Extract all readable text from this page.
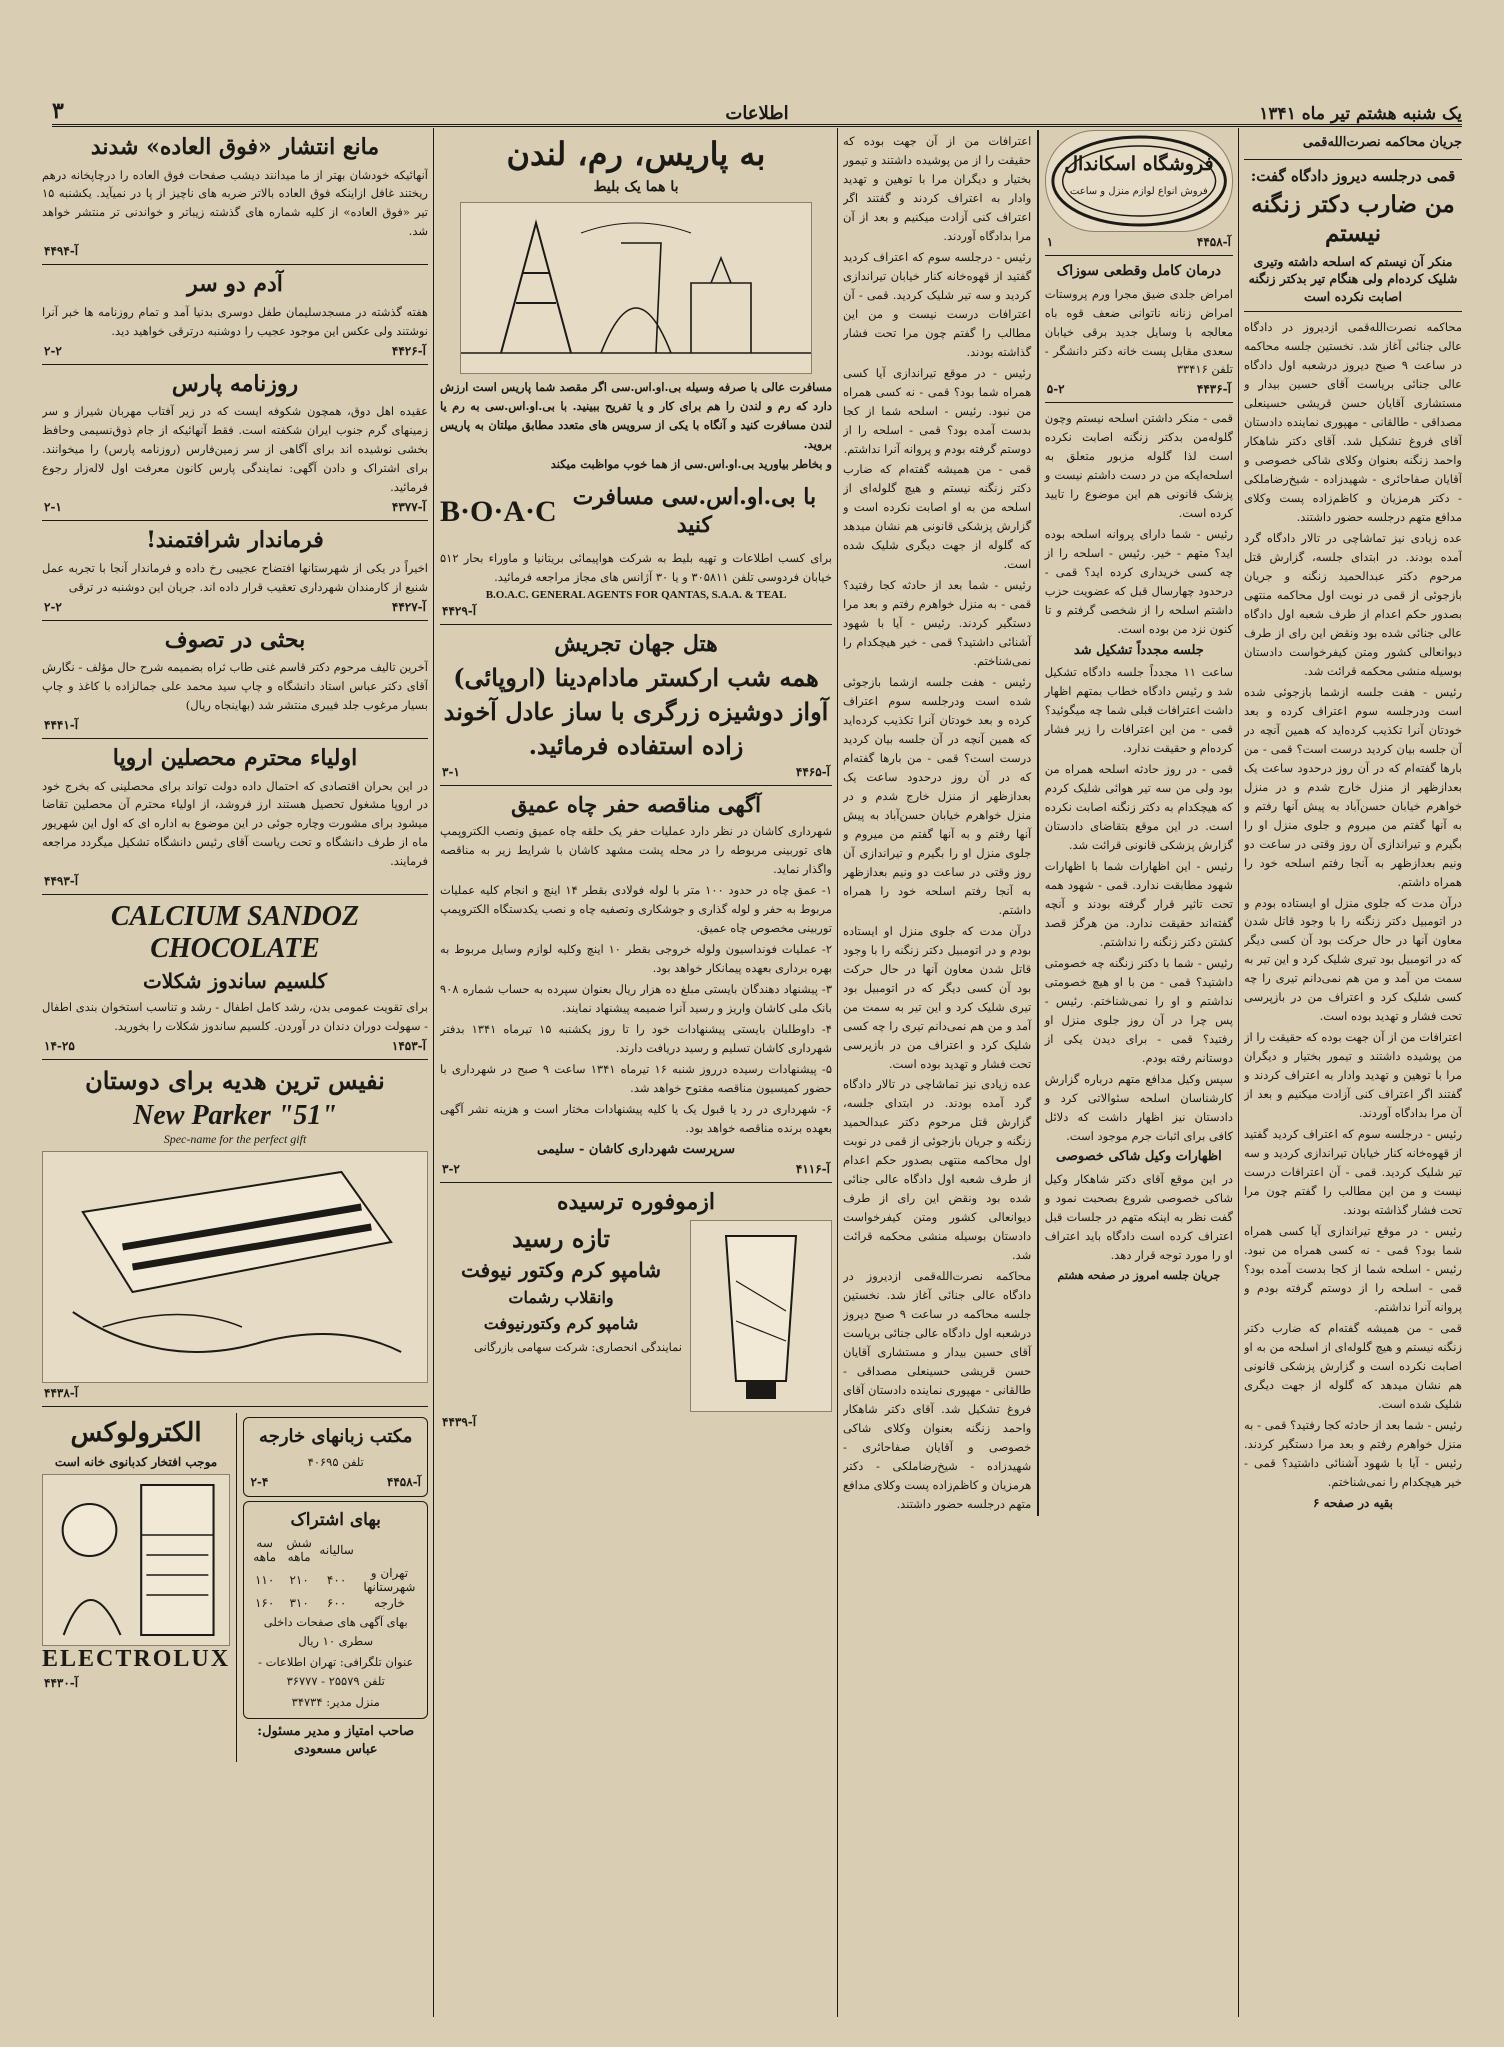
اطلاعات	یک شنبه هشتم تیر ماه ۱۳۴۱
۳
جریان محاکمه نصرت‌الله‌قمی
قمی درجلسه دیروز دادگاه گفت:
من ضارب دکتر زنگنه نیستم
منکر آن نیستم که اسلحه داشته وتیری شلیک کرده‌ام ولی هنگام تیر بدکتر زنگنه اصابت نکرده است

محاکمه نصرت‌الله‌قمی ازدیروز در دادگاه عالی جنائی آغاز شد. نخستین جلسه محاکمه در ساعت ۹ صبح دیروز درشعبه اول دادگاه عالی جنائی بریاست آقای حسین بیدار و مستشاری آقایان حسن قریشی حسینعلی مصداقی - طالقانی - مهپوری نماینده دادستان آقای فروغ تشکیل شد. آقای دکتر شاهکار واحمد زنگنه بعنوان وکلای شاکی خصوصی و آقایان صفاحائری - شهیدزاده - شیخ‌رضاملکی - دکتر هرمزیان و کاظم‌زاده پست وکلای مدافع متهم درجلسه حضور داشتند.

عده زیادی نیز تماشاچی در تالار دادگاه گرد آمده بودند. در ابتدای جلسه، گزارش قتل مرحوم دکتر عبدالحمید زنگنه و جریان بازجوئی از قمی در نوبت اول محاکمه منتهی بصدور حکم اعدام از طرف شعبه اول دادگاه عالی جنائی شده بود ونقض این رای از طرف دیوانعالی کشور ومتن کیفرخواست دادستان بوسیله منشی محکمه قرائت شد.

رئیس - هفت جلسه ازشما بازجوئی شده است ودرجلسه سوم اعتراف کرده و بعد خودتان آنرا تکذیب کرده‌اید که همین آنچه در آن جلسه بیان کردید درست است؟ قمی - من بارها گفته‌ام که در آن روز درحدود ساعت یک بعدازظهر از منزل خارج شدم و در منزل خواهرم خیابان حسن‌آباد به پیش آنها رفتم و به آنها گفتم من میروم و جلوی منزل او را بگیرم و تیراندازی آن روز وقتی در ساعت دو ونیم بعدازظهر به آنجا رفتم اسلحه خود را همراه داشتم.

درآن مدت که جلوی منزل او ایستاده بودم و در اتومبیل دکتر زنگنه را با وجود قاتل شدن معاون آنها در حال حرکت بود آن کسی دیگر که در اتومبیل بود تیری شلیک کرد و این تیر به سمت من آمد و من هم نمی‌دانم تیری را چه کسی شلیک کرد و اعتراف من در بازپرسی تحت فشار و تهدید بوده است.

اعترافات من از آن جهت بوده که حقیقت را از من پوشیده داشتند و تیمور بختیار و دیگران مرا با توهین و تهدید وادار به اعتراف کردند و گفتند اگر اعتراف کنی آزادت میکنیم و بعد از آن مرا بدادگاه آوردند.

رئیس - درجلسه سوم که اعتراف کردید گفتید از قهوه‌خانه کنار خیابان تیراندازی کردید و سه تیر شلیک کردید. قمی - آن اعترافات درست نیست و من این مطالب را گفتم چون مرا تحت فشار گذاشته بودند.

رئیس - در موقع تیراندازی آیا کسی همراه شما بود؟ قمی - نه کسی همراه من نبود. رئیس - اسلحه شما از کجا بدست آمده بود؟ قمی - اسلحه را از دوستم گرفته بودم و پروانه آنرا نداشتم.

قمی - من همیشه گفته‌ام که ضارب دکتر زنگنه نیستم و هیچ گلوله‌ای از اسلحه من به او اصابت نکرده است و گزارش پزشکی قانونی هم نشان میدهد که گلوله از جهت دیگری شلیک شده است.

رئیس - شما بعد از حادثه کجا رفتید؟ قمی - به منزل خواهرم رفتم و بعد مرا دستگیر کردند. رئیس - آیا با شهود آشنائی داشتید؟ قمی - خیر هیچکدام را نمی‌شناختم.

بقیه در صفحه ۶
فروشگاه اسکاندال
فروش انواع لوازم منزل و ساعت
۱	آ-۴۴۵۸
درمان کامل وقطعی سوزاک

امراض جلدی ضیق مجرا ورم پروستات امراض زنانه ناتوانی ضعف قوه باه معالجه با وسایل جدید برقی خیابان سعدی مقابل پست خانه دکتر دانشگر - تلفن ۳۳۴۱۶

۵-۲	آ-۴۴۳۶

قمی - منکر داشتن اسلحه نیستم وچون گلوله‌من بدکتر زنگنه اصابت نکرده است لذا گلوله مزبور متعلق به اسلحه‌ایکه من در دست داشتم نیست و پزشک قانونی هم این موضوع را تایید کرده است.

رئیس - شما دارای پروانه اسلحه بوده اید؟ متهم - خیر. رئیس - اسلحه را از چه کسی خریداری کرده اید؟ قمی - درحدود چهارسال قبل که عضویت حزب داشتم اسلحه را از شخصی گرفتم و تا کنون نزد من بوده است.

جلسه مجدداً تشکیل شد

ساعت ۱۱ مجدداً جلسه دادگاه تشکیل شد و رئیس دادگاه خطاب بمتهم اظهار داشت اعترافات قبلی شما چه میگوئید؟ قمی - من این اعترافات را زیر فشار کرده‌ام و حقیقت ندارد.

قمی - در روز حادثه اسلحه همراه من بود ولی من سه تیر هوائی شلیک کردم که هیچکدام به دکتر زنگنه اصابت نکرده است. در این موقع بتقاضای دادستان گزارش پزشکی قانونی قرائت شد.

رئیس - این اظهارات شما با اظهارات شهود مطابقت ندارد. قمی - شهود همه تحت تاثیر قرار گرفته بودند و آنچه گفته‌اند حقیقت ندارد. من هرگز قصد کشتن دکتر زنگنه را نداشتم.

رئیس - شما با دکتر زنگنه چه خصومتی داشتید؟ قمی - من با او هیچ خصومتی نداشتم و او را نمی‌شناختم. رئیس - پس چرا در آن روز جلوی منزل او رفتید؟ قمی - برای دیدن یکی از دوستانم رفته بودم.

سپس وکیل مدافع متهم درباره گزارش کارشناسان اسلحه سئوالاتی کرد و دادستان نیز اظهار داشت که دلائل کافی برای اثبات جرم موجود است.

اظهارات وکیل شاکی خصوصی

در این موقع آقای دکتر شاهکار وکیل شاکی خصوصی شروع بصحبت نمود و گفت نظر به اینکه متهم در جلسات قبل اعتراف کرده است دادگاه باید اعتراف او را مورد توجه قرار دهد.

جریان جلسه امروز در صفحه هشتم

اعترافات من از آن جهت بوده که حقیقت را از من پوشیده داشتند و تیمور بختیار و دیگران مرا با توهین و تهدید وادار به اعتراف کردند و گفتند اگر اعتراف کنی آزادت میکنیم و بعد از آن مرا بدادگاه آوردند.

رئیس - درجلسه سوم که اعتراف کردید گفتید از قهوه‌خانه کنار خیابان تیراندازی کردید و سه تیر شلیک کردید. قمی - آن اعترافات درست نیست و من این مطالب را گفتم چون مرا تحت فشار گذاشته بودند.

رئیس - در موقع تیراندازی آیا کسی همراه شما بود؟ قمی - نه کسی همراه من نبود. رئیس - اسلحه شما از کجا بدست آمده بود؟ قمی - اسلحه را از دوستم گرفته بودم و پروانه آنرا نداشتم.

قمی - من همیشه گفته‌ام که ضارب دکتر زنگنه نیستم و هیچ گلوله‌ای از اسلحه من به او اصابت نکرده است و گزارش پزشکی قانونی هم نشان میدهد که گلوله از جهت دیگری شلیک شده است.

رئیس - شما بعد از حادثه کجا رفتید؟ قمی - به منزل خواهرم رفتم و بعد مرا دستگیر کردند. رئیس - آیا با شهود آشنائی داشتید؟ قمی - خیر هیچکدام را نمی‌شناختم.

رئیس - هفت جلسه ازشما بازجوئی شده است ودرجلسه سوم اعتراف کرده و بعد خودتان آنرا تکذیب کرده‌اید که همین آنچه در آن جلسه بیان کردید درست است؟ قمی - من بارها گفته‌ام که در آن روز درحدود ساعت یک بعدازظهر از منزل خارج شدم و در منزل خواهرم خیابان حسن‌آباد به پیش آنها رفتم و به آنها گفتم من میروم و جلوی منزل او را بگیرم و تیراندازی آن روز وقتی در ساعت دو ونیم بعدازظهر به آنجا رفتم اسلحه خود را همراه داشتم.

درآن مدت که جلوی منزل او ایستاده بودم و در اتومبیل دکتر زنگنه را با وجود قاتل شدن معاون آنها در حال حرکت بود آن کسی دیگر که در اتومبیل بود تیری شلیک کرد و این تیر به سمت من آمد و من هم نمی‌دانم تیری را چه کسی شلیک کرد و اعتراف من در بازپرسی تحت فشار و تهدید بوده است.

عده زیادی نیز تماشاچی در تالار دادگاه گرد آمده بودند. در ابتدای جلسه، گزارش قتل مرحوم دکتر عبدالحمید زنگنه و جریان بازجوئی از قمی در نوبت اول محاکمه منتهی بصدور حکم اعدام از طرف شعبه اول دادگاه عالی جنائی شده بود ونقض این رای از طرف دیوانعالی کشور ومتن کیفرخواست دادستان بوسیله منشی محکمه قرائت شد.

محاکمه نصرت‌الله‌قمی ازدیروز در دادگاه عالی جنائی آغاز شد. نخستین جلسه محاکمه در ساعت ۹ صبح دیروز درشعبه اول دادگاه عالی جنائی بریاست آقای حسین بیدار و مستشاری آقایان حسن قریشی حسینعلی مصداقی - طالقانی - مهپوری نماینده دادستان آقای فروغ تشکیل شد. آقای دکتر شاهکار واحمد زنگنه بعنوان وکلای شاکی خصوصی و آقایان صفاحائری - شهیدزاده - شیخ‌رضاملکی - دکتر هرمزیان و کاظم‌زاده پست وکلای مدافع متهم درجلسه حضور داشتند.

به پاریس، رم، لندن
با هما یک بلیط

مسافرت عالی با صرفه وسیله بی.او.اس.سی اگر مقصد شما پاریس است ارزش دارد که رم و لندن را هم برای کار و یا تفریح ببینید. با بی.او.اس.سی به رم یا لندن مسافرت کنید و آنگاه با یکی از سرویس های متعدد مطابق میلتان به پاریس بروید.

و بخاطر بیاورید بی.او.اس.سی از هما خوب مواظبت میکند

با بی.او.اس.سی مسافرت کنید
B·O·A·C

برای کسب اطلاعات و تهیه بلیط به شرکت هواپیمائی بریتانیا و ماوراء بحار ۵۱۲ خیابان فردوسی تلفن ۳۰۵۸۱۱ و یا ۳۰ آژانس های مجاز مراجعه فرمائید.

B.O.A.C. GENERAL AGENTS FOR QANTAS, S.A.A. & TEAL
آ-۴۴۲۹
هتل جهان تجریش
همه شب ارکستر مادام‌دینا (اروپائی)
آواز دوشیزه زرگری با ساز عادل آخوند
زاده استفاده فرمائید.
۳-۱	آ-۴۴۶۵
آگهی مناقصه حفر چاه عمیق

شهرداری کاشان در نظر دارد عملیات حفر یک حلقه چاه عمیق ونصب الکتروپمپ های توربینی مربوطه را در محله پشت مشهد کاشان با شرایط زیر به مناقصه واگذار نماید.

۱- عمق چاه در حدود ۱۰۰ متر با لوله فولادی بقطر ۱۴ اینچ و انجام کلیه عملیات مربوط به حفر و لوله گذاری و جوشکاری وتصفیه چاه و نصب یکدستگاه الکتروپمپ توربینی مخصوص چاه عمیق.

۲- عملیات فونداسیون ولوله خروجی بقطر ۱۰ اینچ وکلیه لوازم وسایل مربوط به بهره برداری بعهده پیمانکار خواهد بود.

۳- پیشنهاد دهندگان بایستی مبلغ ده هزار ریال بعنوان سپرده به حساب شماره ۹۰۸ بانک ملی کاشان واریز و رسید آنرا ضمیمه پیشنهاد نمایند.

۴- داوطلبان بایستی پیشنهادات خود را تا روز یکشنبه ۱۵ تیرماه ۱۳۴۱ بدفتر شهرداری کاشان تسلیم و رسید دریافت دارند.

۵- پیشنهادات رسیده درروز شنبه ۱۶ تیرماه ۱۳۴۱ ساعت ۹ صبح در شهرداری با حضور کمیسیون مناقصه مفتوح خواهد شد.

۶- شهرداری در رد یا قبول یک یا کلیه پیشنهادات مختار است و هزینه نشر آگهی بعهده برنده مناقصه خواهد بود.

سرپرست شهرداری کاشان - سلیمی
۳-۲	آ-۴۱۱۶
ازموفوره ترسیده
تازه رسید
شامپو کرم وکتور نیوفت
وانقلاب رشمات
شامپو کرم وکتورنیوفت
نمایندگی انحصاری: شرکت سهامی بازرگانی
آ-۴۴۳۹
مانع انتشار «فوق العاده» شدند

آنهائیکه خودشان بهتر از ما میدانند دیشب صفحات فوق العاده را درچاپخانه درهم ریختند غافل ازاینکه فوق العاده بالاتر ضربه های ناچیز از پا در نمیآید. یکشنبه ۱۵ تیر «فوق العاده» از کلیه شماره های گذشته زیباتر و خواندنی تر منتشر خواهد شد.

آ-۴۴۹۴
آدم دو سر

هفته گذشته در مسجدسلیمان طفل دوسری بدنیا آمد و تمام روزنامه ها خبر آنرا نوشتند ولی عکس این موجود عجیب را دوشنبه درترقی خواهید دید.

۲-۲	آ-۴۴۲۶
روزنامه پارس

عقیده اهل دوق، همچون شکوفه ایست که در زیر آفتاب مهربان شیراز و سر زمینهای گرم جنوب ایران شکفته است. فقط آنهائیکه از جام ذوق‌نسیمی وحافظ بخشی نوشیده اند برای آگاهی از سر زمین‌فارس (روزنامه پارس) را میخوانند. برای اشتراک و دادن آگهی: نمایندگی پارس کانون معرفت اول لاله‌زار رجوع فرمائید.

۲-۱	آ-۴۳۷۷
فرماندار شرافتمند!

اخیراً در یکی از شهرستانها افتضاح عجیبی رخ داده و فرماندار آنجا با تجربه عمل شنیع از کارمندان شهرداری تعقیب قرار داده اند. جریان این دوشنبه در ترقی

۲-۲	آ-۴۴۲۷
بحثی در تصوف

آخرین تالیف مرحوم دکتر قاسم غنی طاب ثراه بضمیمه شرح حال مؤلف - نگارش آقای دکتر عباس استاد دانشگاه و چاپ سید محمد علی جمالزاده با کاغذ و چاپ بسیار مرغوب جلد فیبری منتشر شد (بهاینجاه ریال)

آ-۴۴۴۱
اولیاء محترم محصلین اروپا

در این بحران اقتصادی که احتمال داده دولت تواند برای محصلینی که بخرج خود در اروپا مشغول تحصیل هستند ارز فروشد، از اولیاء محترم آن محصلین تقاضا میشود برای مشورت وچاره جوئی در این موضوع به اداره ای که اول این شهریور ماه از طرف دانشگاه و تحت ریاست آقای رئیس دانشگاه تشکیل میگردد مراجعه فرمایند.

آ-۴۴۹۳
CALCIUM SANDOZ
CHOCOLATE
کلسیم ساندوز شکلات

برای تقویت عمومی بدن، رشد کامل اطفال - رشد و تناسب استخوان بندی اطفال - سهولت دوران دندان در آوردن. کلسیم ساندوز شکلات را بخورید.

۱۴-۲۵	آ-۱۴۵۳
نفیس ترین هدیه برای دوستان
New Parker "51"
Spec-name for the perfect gift
آ-۴۴۳۸
مکتب زبانهای خارجه
تلفن ۴۰۶۹۵
۲-۴	آ-۴۴۵۸
بهای اشتراک
	سالیانه	شش ماهه	سه ماهه
تهران و شهرستانها	۴۰۰	۲۱۰	۱۱۰
خارجه	۶۰۰	۳۱۰	۱۶۰
بهای آگهی های صفحات داخلی سطری ۱۰ ریال
عنوان تلگرافی: تهران اطلاعات - تلفن ۲۵۵۷۹ - ۳۶۷۷۷
منزل مدیر: ۳۴۷۳۴
صاحب امتیاز و مدیر مسئول: عباس مسعودی
الکترولوکس
موجب افتخار کدبانوی خانه است
ELECTROLUX
آ-۴۴۳۰
